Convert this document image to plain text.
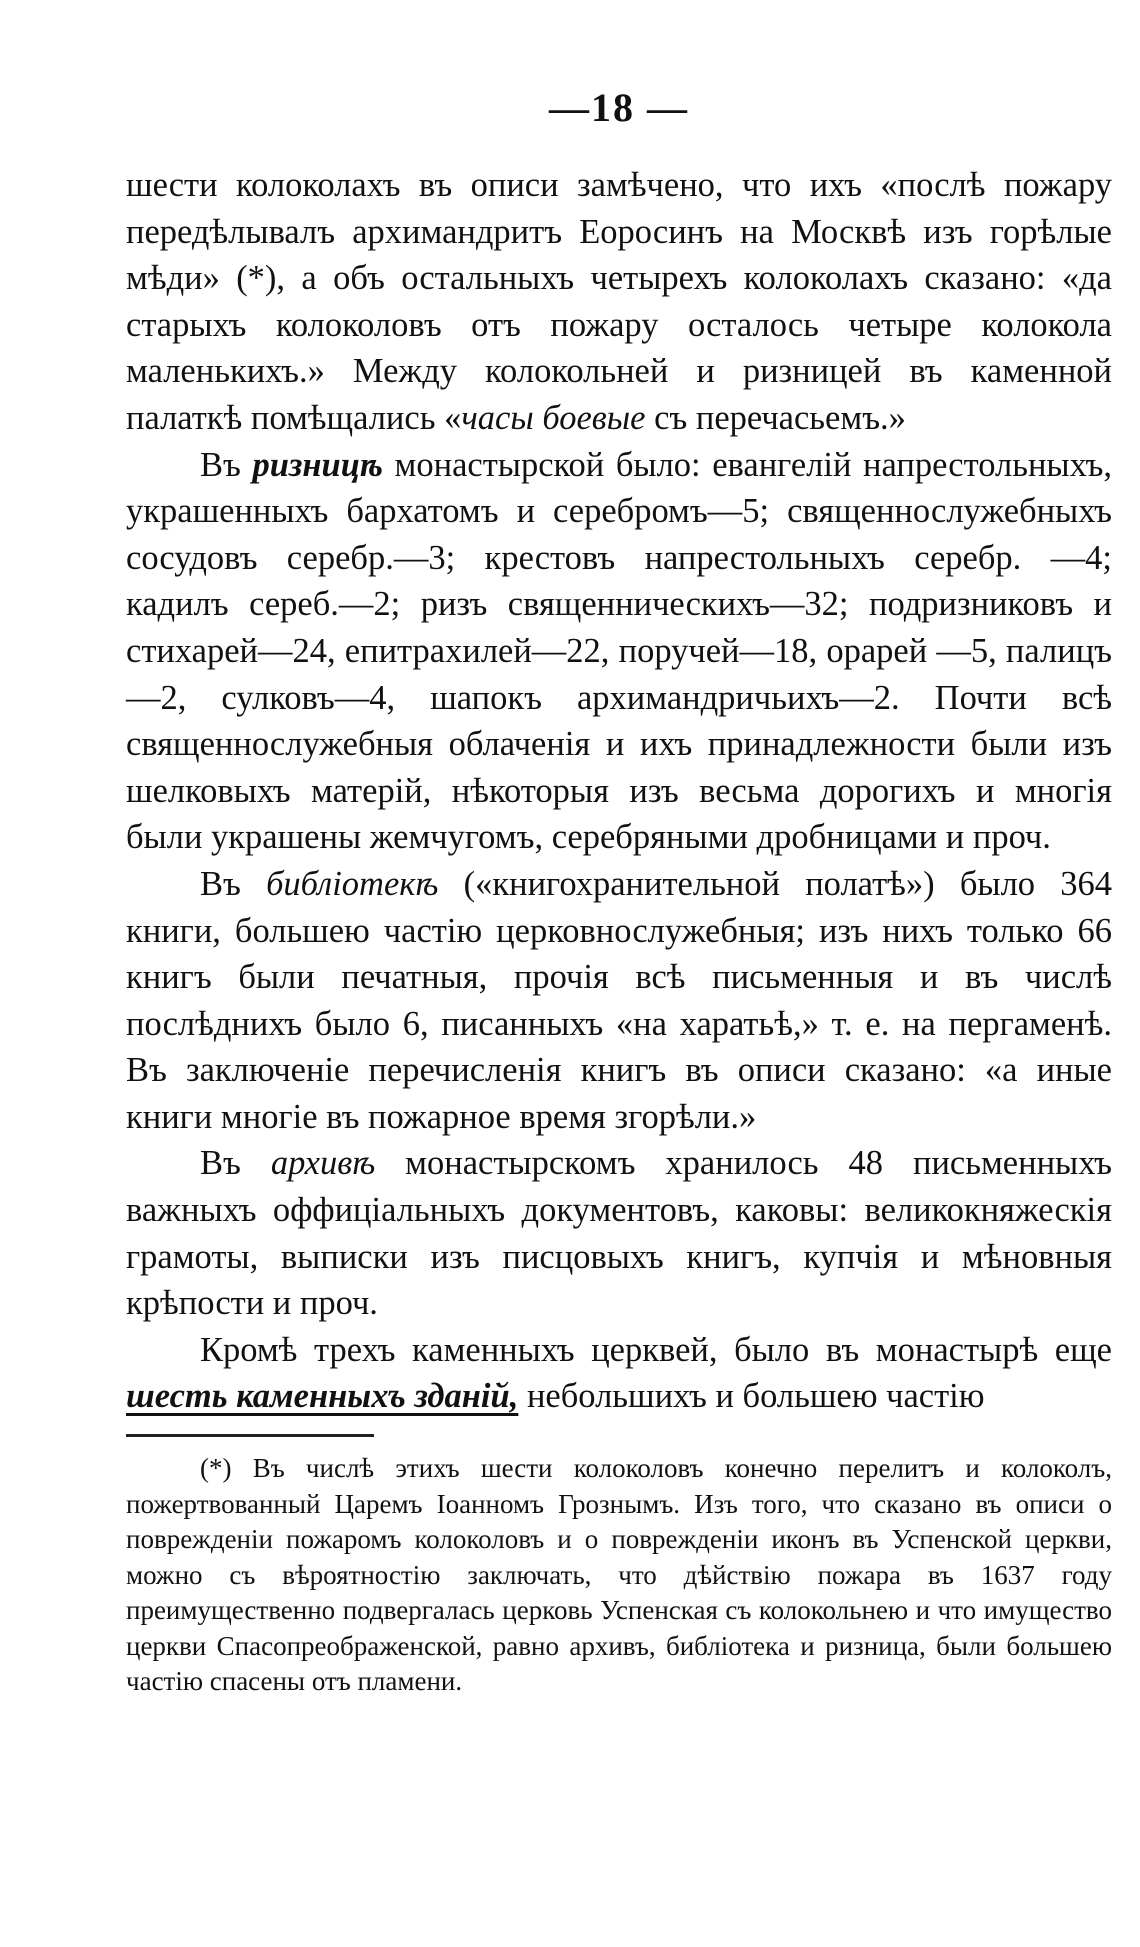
—18 —

шести колоколахъ въ описи замѣчено, что ихъ «послѣ пожару передѣлывалъ архимандритъ Еоросинъ на Москвѣ изъ горѣлые мѣди» (*), а объ остальныхъ четырехъ колоколахъ сказано: «да старыхъ колоколовъ отъ пожару осталось четыре колокола маленькихъ.» Между колокольней и ризницей въ каменной палаткѣ помѣщались «часы боевые съ перечасьемъ.»

Въ ризницѣ монастырской было: евангелій напрестольныхъ, украшенныхъ бархатомъ и серебромъ—5; священнослужебныхъ сосудовъ серебр.—3; крестовъ напрестольныхъ серебр. —4; кадилъ сереб.—2; ризъ священническихъ—32; подризниковъ и стихарей—24, епитрахилей—22, поручей—18, орарей —5, палицъ—2, сулковъ—4, шапокъ архимандричьихъ—2. Почти всѣ священнослужебныя облаченія и ихъ принадлежности были изъ шелковыхъ матерій, нѣкоторыя изъ весьма дорогихъ и многія были украшены жемчугомъ, серебряными дробницами и проч.

Въ библіотекѣ («книгохранительной полатѣ») было 364 книги, большею частію церковнослужебныя; изъ нихъ только 66 книгъ были печатныя, прочія всѣ письменныя и въ числѣ послѣднихъ было 6, писанныхъ «на харатьѣ,» т. е. на пергаменѣ. Въ заключеніе перечисленія книгъ въ описи сказано: «а иные книги многіе въ пожарное время згорѣли.»

Въ архивѣ монастырскомъ хранилось 48 письменныхъ важныхъ оффиціальныхъ документовъ, каковы: великокняжескія грамоты, выписки изъ писцовыхъ книгъ, купчія и мѣновныя крѣпости и проч.

Кромѣ трехъ каменныхъ церквей, было въ монастырѣ еще шесть каменныхъ зданій, небольшихъ и большею частію

(*) Въ числѣ этихъ шести колоколовъ конечно перелитъ и колоколъ, пожертвованный Царемъ Іоанномъ Грознымъ. Изъ того, что сказано въ описи о поврежденіи пожаромъ колоколовъ и о поврежденіи иконъ въ Успенской церкви, можно съ вѣроятностію заключать, что дѣйствію пожара въ 1637 году преимущественно подвергалась церковь Успенская съ колокольнею и что имущество церкви Спасопреображенской, равно архивъ, библіотека и ризница, были большею частію спасены отъ пламени.
